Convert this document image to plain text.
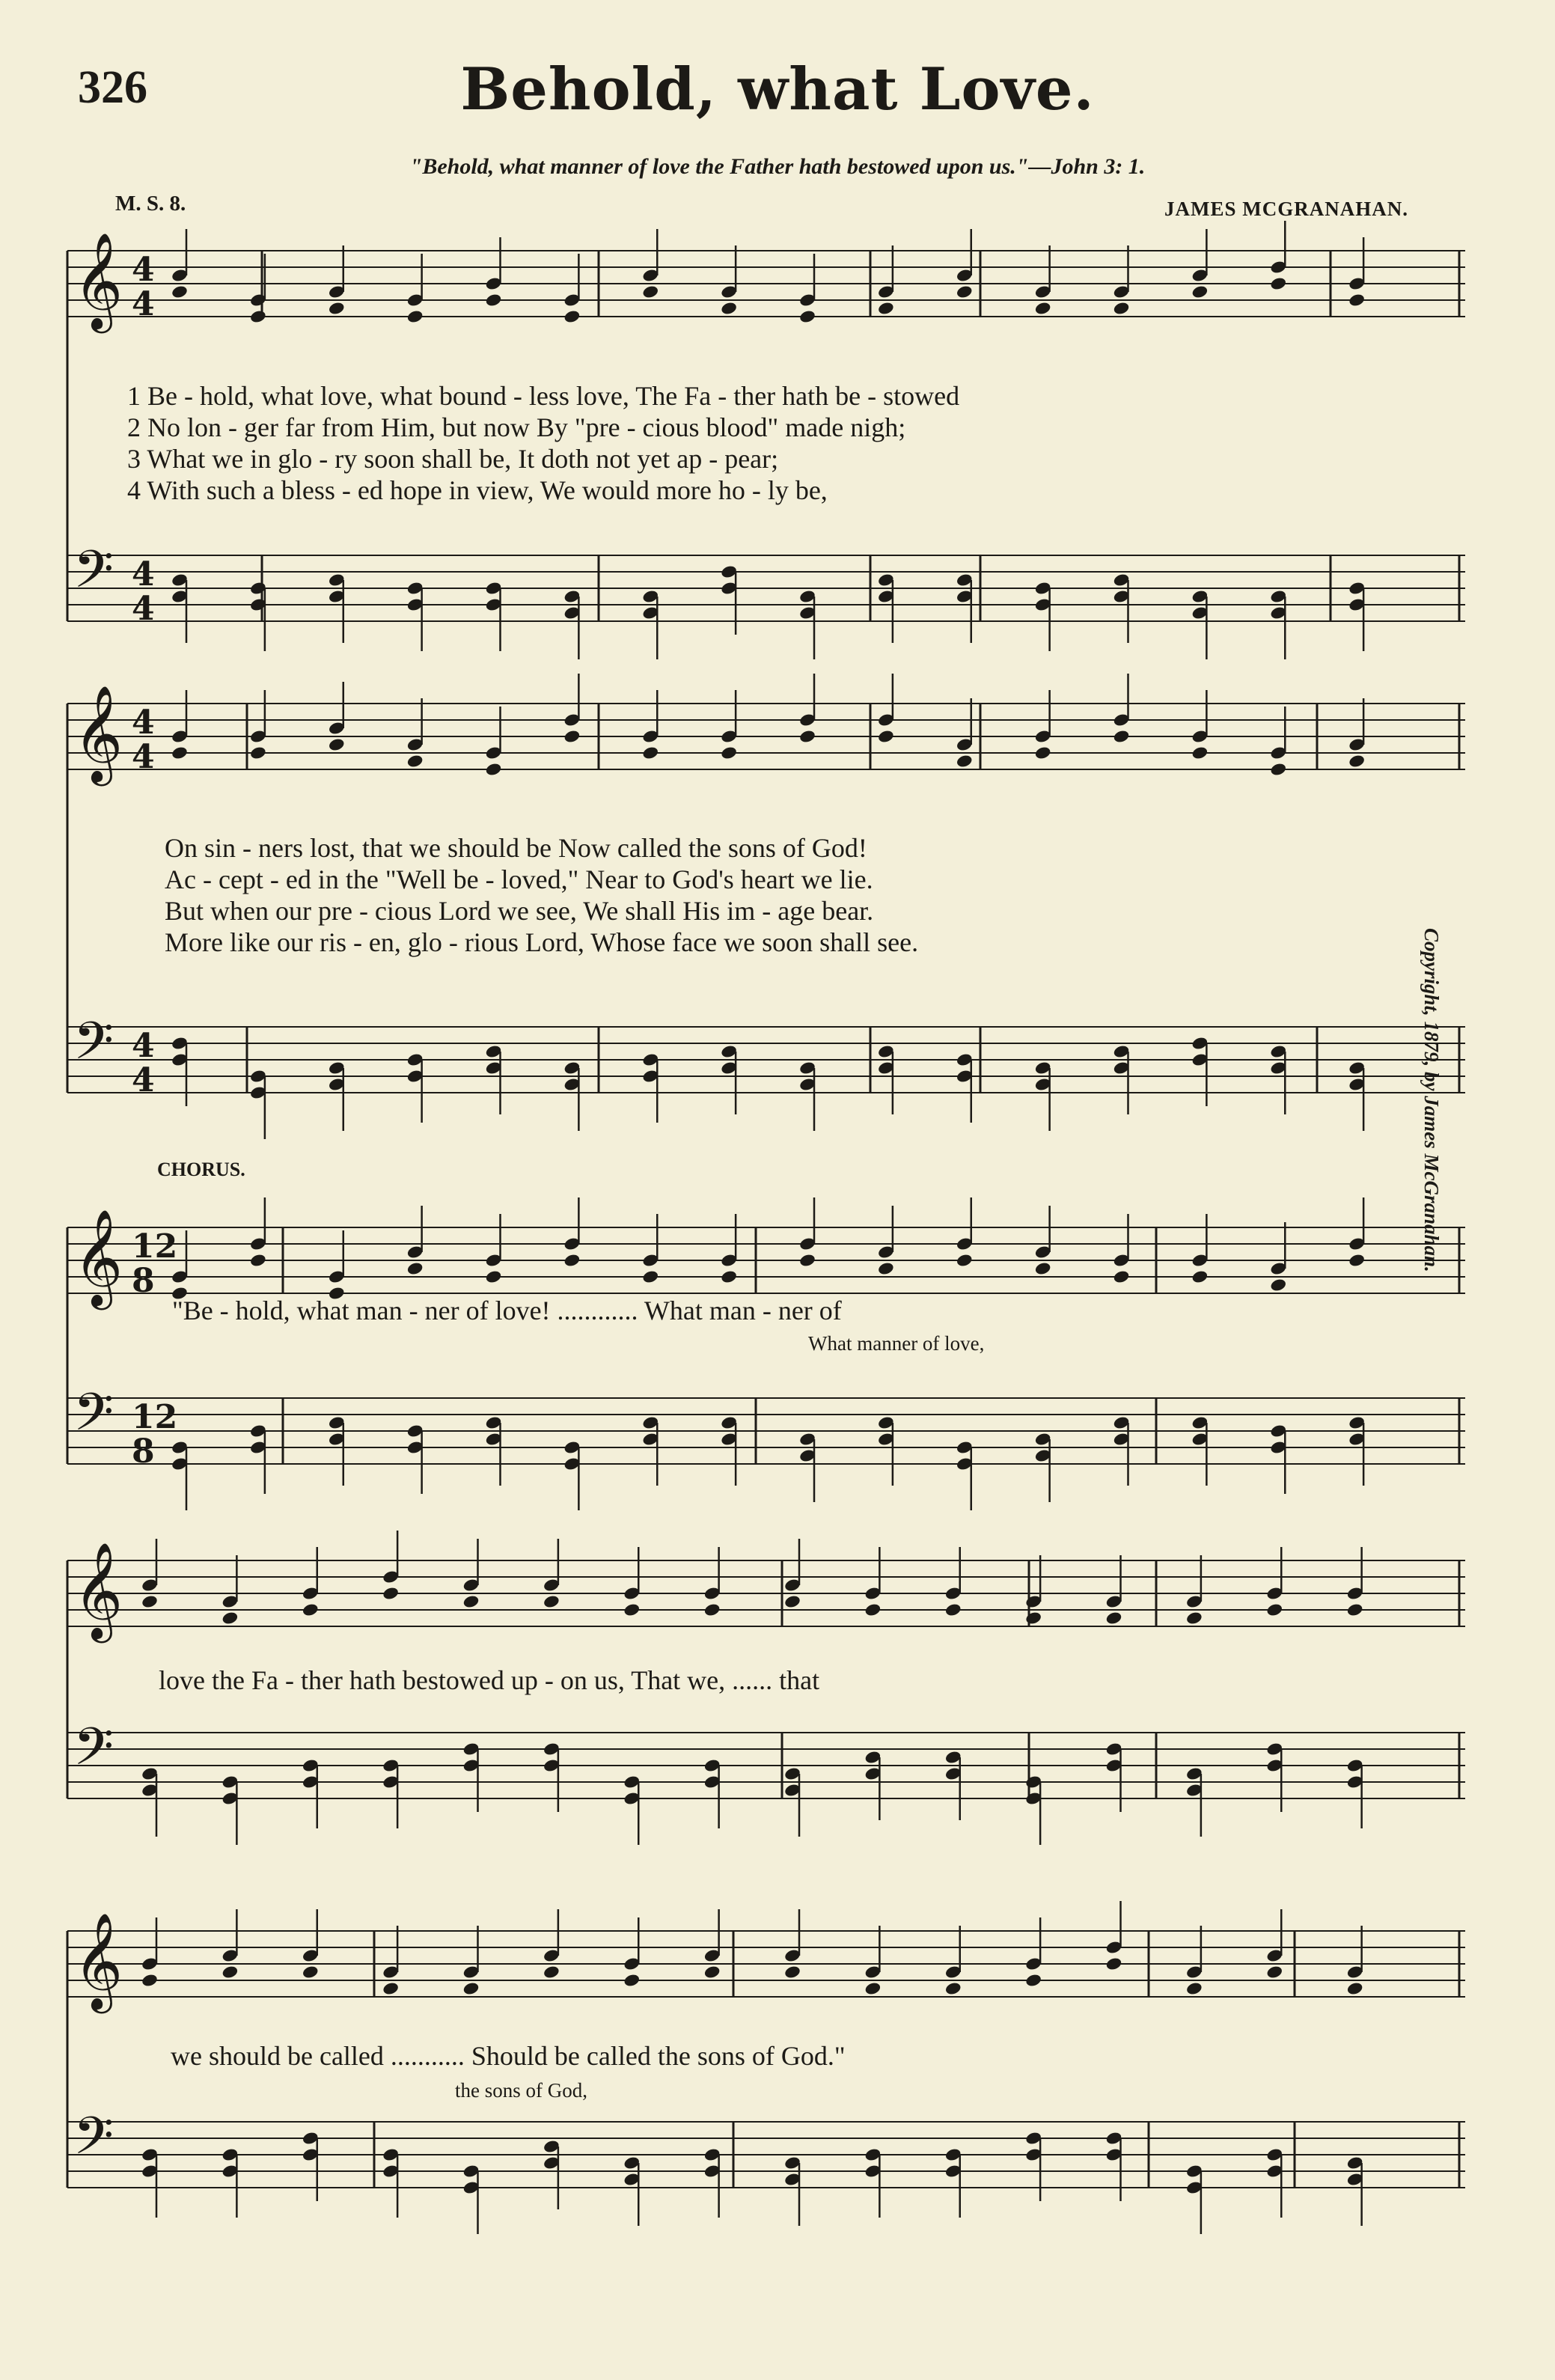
𝄞 4
4
𝄢 4
4
𝄞 4
4
𝄢 4
4
𝄞 12
8
𝄢 12
8
𝄞
𝄢
𝄞
𝄢
326	Behold, what Love.
"Behold, what manner of love the Father hath bestowed upon us."—John 3: 1.
M. S. 8.	JAMES MCGRANAHAN.
Copyright, 1879, by James McGranahan.
1 Be - hold, what love, what bound - less love, The Fa - ther hath be - stowed
2 No lon - ger far from Him, but now By "pre - cious blood" made nigh;
3 What we in glo - ry soon shall be, It doth not yet ap - pear;
4 With such a bless - ed hope in view, We would more ho - ly be,
On sin - ners lost, that we should be Now called the sons of God!
Ac - cept - ed in the "Well be - loved," Near to God's heart we lie.
But when our pre - cious Lord we see, We shall His im - age bear.
More like our ris - en, glo - rious Lord, Whose face we soon shall see.
CHORUS.
"Be - hold, what man - ner of love! ............ What man - ner of
What manner of love,
love the Fa - ther hath bestowed up - on us, That we, ...... that
we should be called ........... Should be called the sons of God."
the sons of God,
